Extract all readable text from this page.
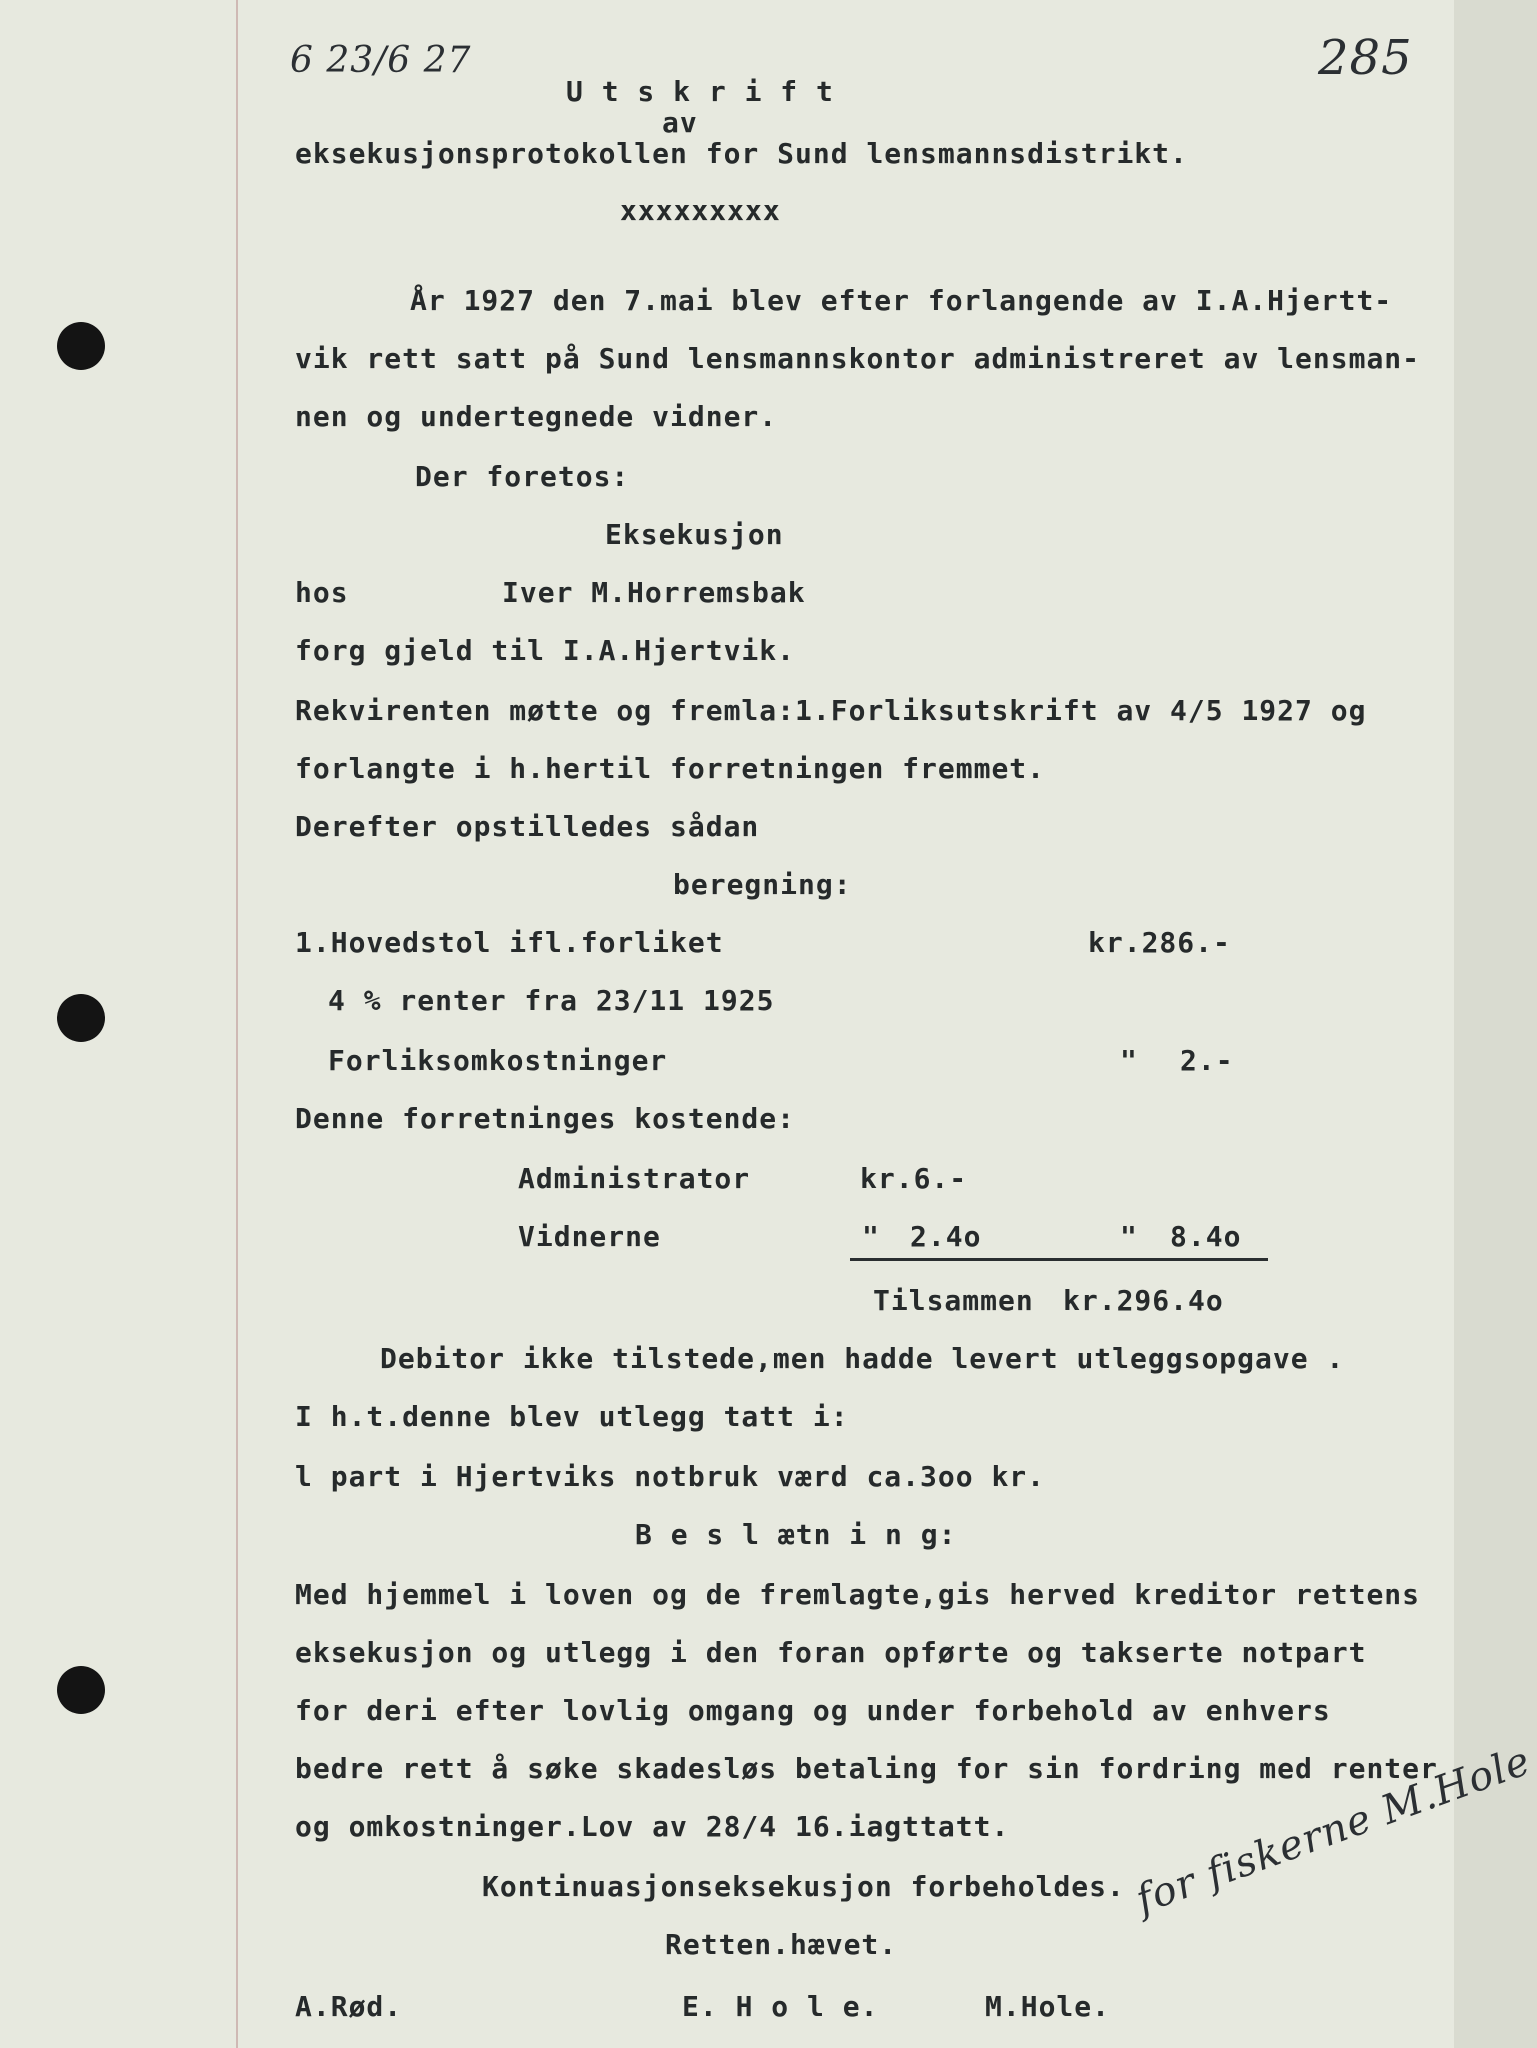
6 23/6 27	285
U t s k r i f t
av
eksekusjonsprotokollen for Sund lensmannsdistrikt.
xxxxxxxxx
År 1927 den 7.mai blev efter forlangende av I.A.Hjertt-
vik rett satt på Sund lensmannskontor administreret av lensman-
nen og undertegnede vidner.
Der foretos:
Eksekusjon
hos	Iver M.Horremsbak
forg gjeld til I.A.Hjertvik.
Rekvirenten møtte og fremla:1.Forliksutskrift av 4/5 1927 og
forlangte i h.hertil forretningen fremmet.
Derefter opstilledes sådan
beregning:
1.Hovedstol ifl.forliket	kr.286.-
4 % renter fra 23/11 1925
Forliksomkostninger	" 2.-
Denne forretninges kostende:
Administrator	kr.6.-
Vidnerne	" 2.4o	" 8.4o
Tilsammen kr.296.4o
Debitor ikke tilstede,men hadde levert utleggsopgave .
I h.t.denne blev utlegg tatt i:
l part i Hjertviks notbruk værd ca.3oo kr.
B e s l ætn i n g:
Med hjemmel i loven og de fremlagte,gis herved kreditor rettens
eksekusjon og utlegg i den foran opførte og takserte notpart
for deri efter lovlig omgang og under forbehold av enhvers
bedre rett å søke skadesløs betaling for sin fordring med renter
og omkostninger.Lov av 28/4 16.iagttatt.
Kontinuasjonseksekusjon forbeholdes.
Retten.hævet.
A.Rød.	E. H o l e.	M.Hole.
for fiskerne M.Hole
